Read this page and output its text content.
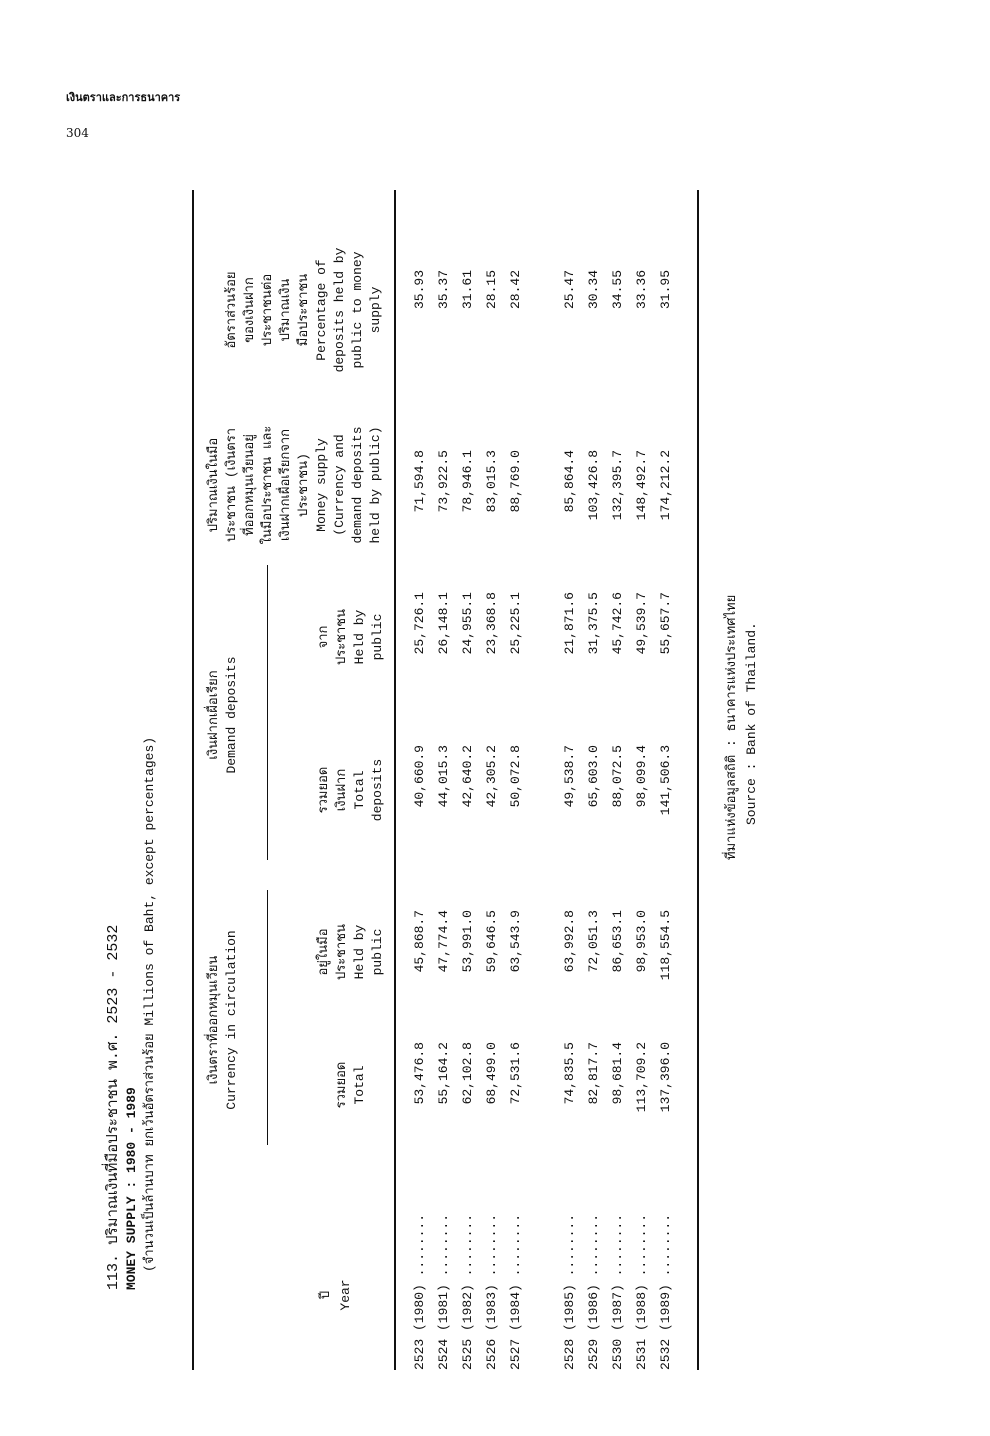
เงินตราและการธนาคาร
304
113. ปริมาณเงินที่มือประชาชน พ.ศ. 2523 - 2532 MONEY SUPPLY : 1980 - 1989 (จำนวนเป็นล้านบาท ยกเว้นอัตราส่วนร้อย Millions of Baht, except percentages)	เงินตราที่ออกหมุนเวียน Currency in circulation
เงินฝากเผื่อเรียก Demand deposits
ปี Year
รวมยอด Total
อยู่ในมือ ประชาชน Held by public
รวมยอด เงินฝาก Total deposits
จาก ประชาชน Held by public
ปริมาณเงินในมือ ประชาชน (เงินตรา ที่ออกหมุนเวียนอยู่ ในมือประชาชน และ เงินฝากเผื่อเรียกจาก ประชาชน) Money supply (Currency and demand deposits held by public)
อัตราส่วนร้อย ของเงินฝาก ประชาชนต่อ ปริมาณเงิน มือประชาชน Percentage of deposits held by public to money supply
2523 (1980) ........
53,476.8
45,868.7
40,660.9
25,726.1
71,594.8
35.93
2524 (1981) ........
55,164.2
47,774.4
44,015.3
26,148.1
73,922.5
35.37
2525 (1982) ........
62,102.8
53,991.0
42,640.2
24,955.1
78,946.1
31.61
2526 (1983) ........
68,499.0
59,646.5
42,305.2
23,368.8
83,015.3
28.15
2527 (1984) ........
72,531.6
63,543.9
50,072.8
25,225.1
88,769.0
28.42
2528 (1985) ........
74,835.5
63,992.8
49,538.7
21,871.6
85,864.4
25.47
2529 (1986) ........
82,817.7
72,051.3
65,603.0
31,375.5
103,426.8
30.34
2530 (1987) ........
98,681.4
86,653.1
88,072.5
45,742.6
132,395.7
34.55
2531 (1988) ........
113,709.2
98,953.0
98,099.4
49,539.7
148,492.7
33.36
2532 (1989) ........
137,396.0
118,554.5
141,506.3
55,657.7
174,212.2
31.95
ที่มาแห่งข้อมูลสถิติ : ธนาคารแห่งประเทศไทย Source : Bank of Thailand.
